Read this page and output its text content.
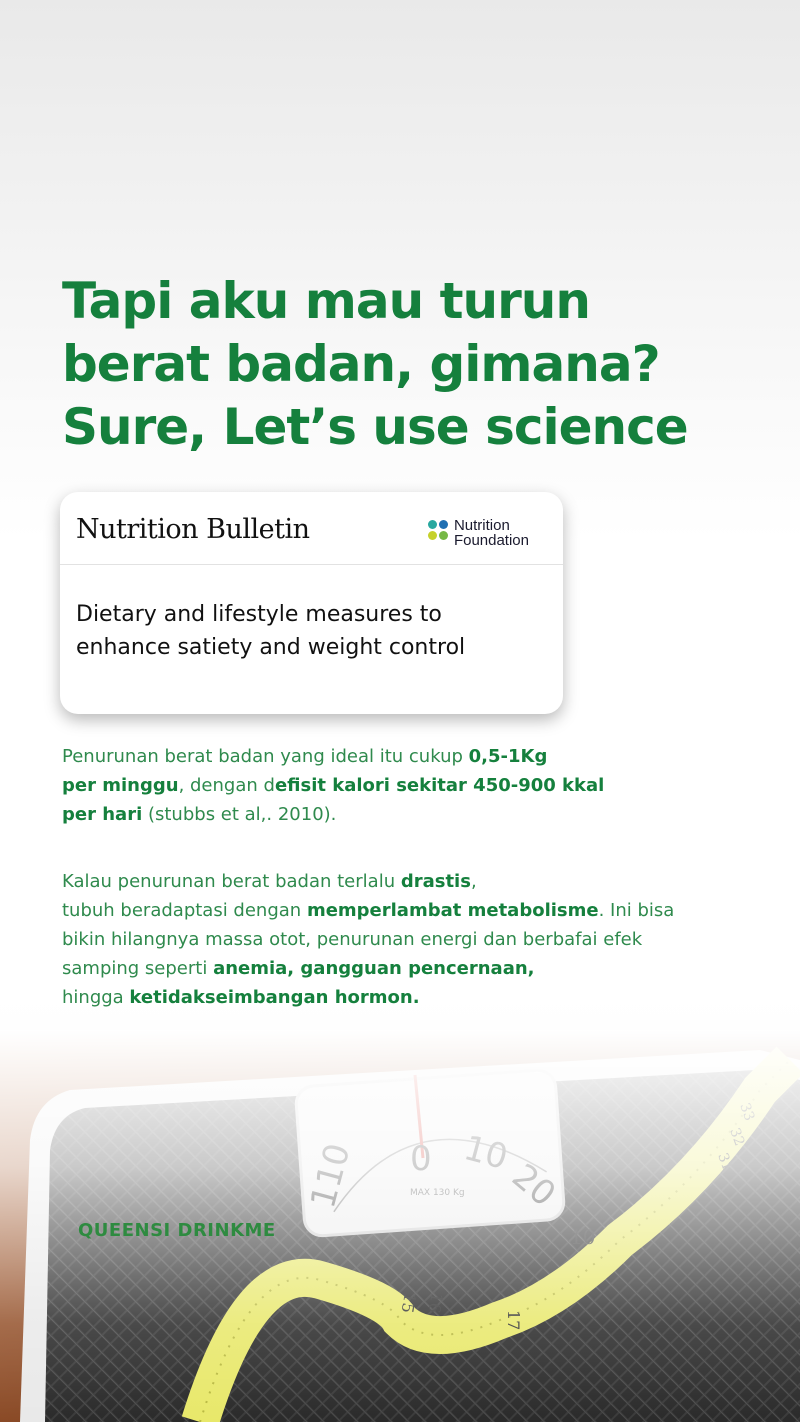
Tapi aku mau turun
berat badan, gimana?
Sure, Let’s use science
Nutrition Bulletin	Nutrition
Foundation
Dietary and lifestyle measures to enhance satiety and weight control
Penurunan berat badan yang ideal itu cukup 0,5-1Kg
per minggu, dengan defisit kalori sekitar 450-900 kkal
per hari (stubbs et al,. 2010).
Kalau penurunan berat badan terlalu drastis,
tubuh beradaptasi dengan memperlambat metabolisme. Ini bisa
bikin hilangnya massa otot, penurunan energi dan berbafai efek
samping seperti anemia, gangguan pencernaan,
hingga ketidakseimbangan hormon.
QUEENSI DRINKME
